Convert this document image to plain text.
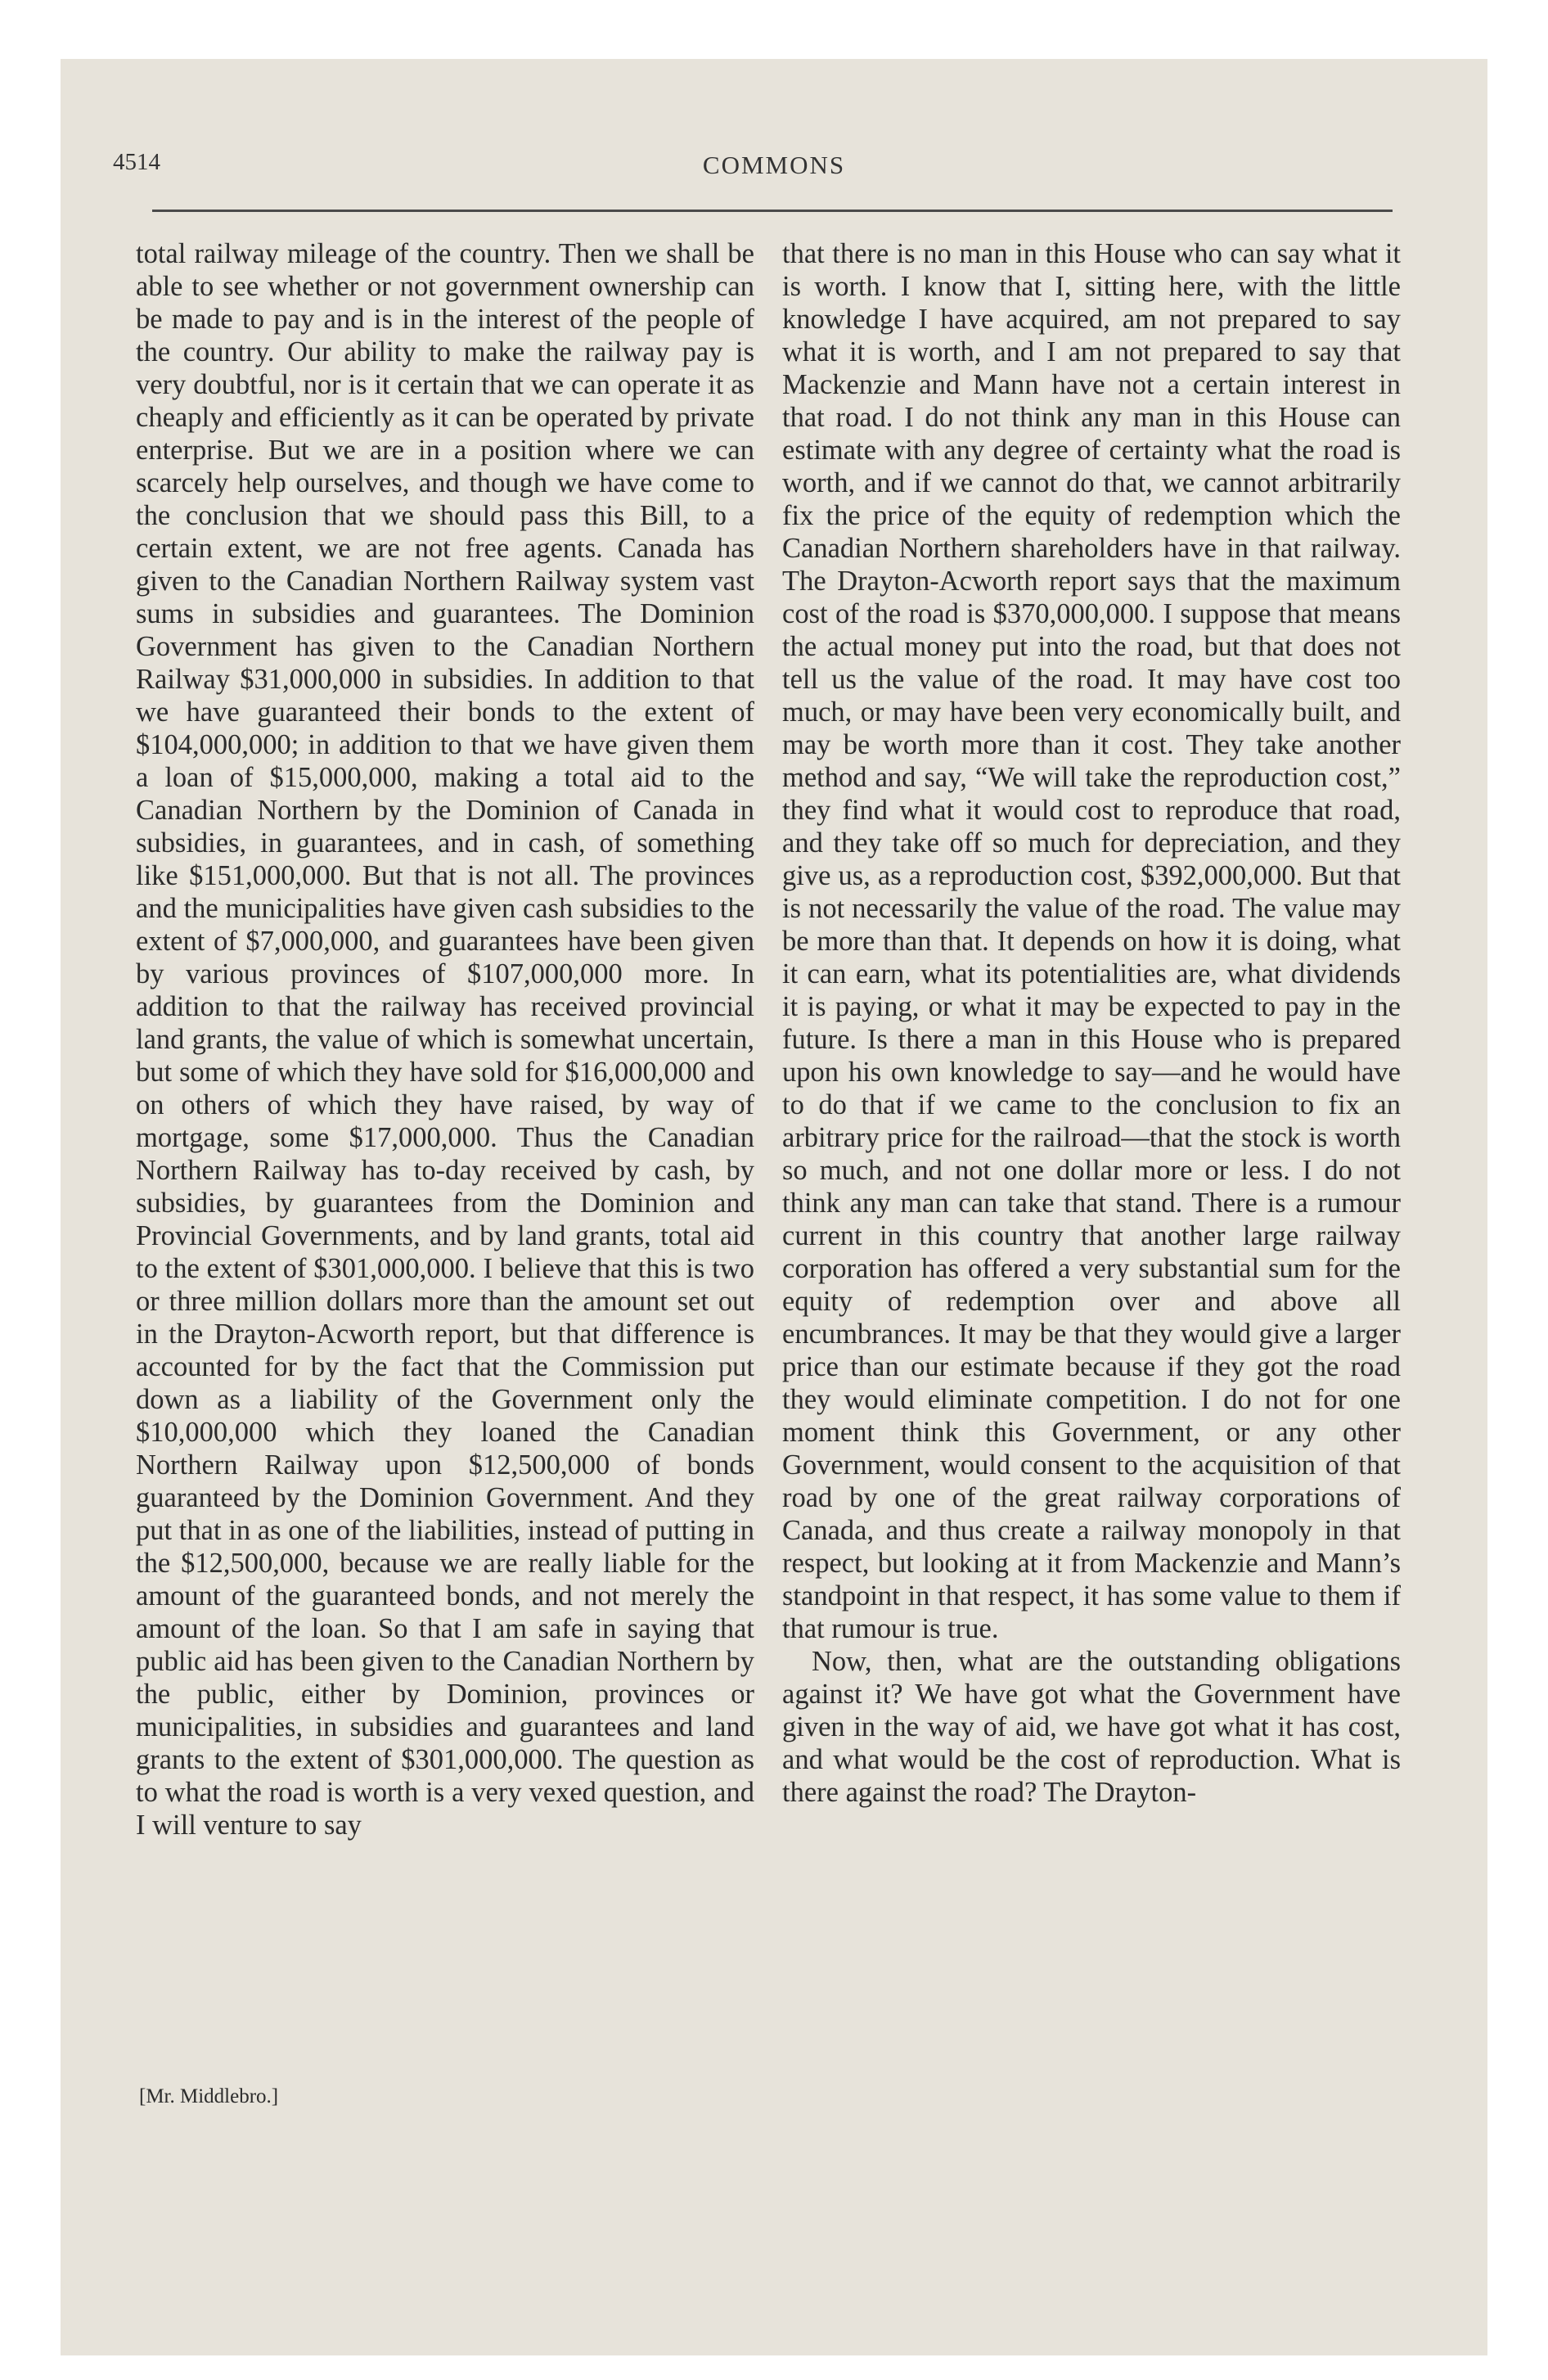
4514	COMMONS

total railway mileage of the country. Then we shall be able to see whether or not government ownership can be made to pay and is in the interest of the people of the country. Our ability to make the railway pay is very doubtful, nor is it certain that we can operate it as cheaply and efficiently as it can be operated by private enterprise. But we are in a position where we can scarcely help ourselves, and though we have come to the conclusion that we should pass this Bill, to a certain extent, we are not free agents. Canada has given to the Canadian Northern Railway system vast sums in subsidies and guarantees. The Dominion Government has given to the Canadian Northern Railway $31,000,000 in subsidies. In addition to that we have guaranteed their bonds to the extent of $104,000,000; in addition to that we have given them a loan of $15,000,000, making a total aid to the Canadian Northern by the Dominion of Canada in subsidies, in guarantees, and in cash, of something like $151,000,000. But that is not all. The provinces and the municipalities have given cash subsidies to the extent of $7,000,000, and guarantees have been given by various provinces of $107,000,000 more. In addition to that the railway has received provincial land grants, the value of which is somewhat uncertain, but some of which they have sold for $16,000,000 and on others of which they have raised, by way of mortgage, some $17,000,000. Thus the Canadian Northern Railway has to-day received by cash, by subsidies, by guarantees from the Dominion and Provincial Governments, and by land grants, total aid to the extent of $301,000,000. I believe that this is two or three million dollars more than the amount set out in the Drayton-Acworth report, but that difference is accounted for by the fact that the Commission put down as a liability of the Government only the $10,000,000 which they loaned the Canadian Northern Railway upon $12,500,000 of bonds guaranteed by the Dominion Government. And they put that in as one of the liabilities, instead of putting in the $12,500,000, because we are really liable for the amount of the guaranteed bonds, and not merely the amount of the loan. So that I am safe in saying that public aid has been given to the Canadian Northern by the public, either by Dominion, provinces or municipalities, in subsidies and guarantees and land grants to the extent of $301,000,000. The question as to what the road is worth is a very vexed question, and I will venture to say

[Mr. Middlebro.]

that there is no man in this House who can say what it is worth. I know that I, sitting here, with the little knowledge I have acquired, am not prepared to say what it is worth, and I am not prepared to say that Mackenzie and Mann have not a certain interest in that road. I do not think any man in this House can estimate with any degree of certainty what the road is worth, and if we cannot do that, we cannot arbitrarily fix the price of the equity of redemption which the Canadian Northern shareholders have in that railway. The Drayton-Acworth report says that the maximum cost of the road is $370,000,000. I suppose that means the actual money put into the road, but that does not tell us the value of the road. It may have cost too much, or may have been very economically built, and may be worth more than it cost. They take another method and say, “We will take the reproduction cost,” they find what it would cost to reproduce that road, and they take off so much for depreciation, and they give us, as a reproduction cost, $392,000,000. But that is not necessarily the value of the road. The value may be more than that. It depends on how it is doing, what it can earn, what its potentialities are, what dividends it is paying, or what it may be expected to pay in the future. Is there a man in this House who is prepared upon his own knowledge to say—and he would have to do that if we came to the conclusion to fix an arbitrary price for the railroad—that the stock is worth so much, and not one dollar more or less. I do not think any man can take that stand. There is a rumour current in this country that another large railway corporation has offered a very substantial sum for the equity of redemption over and above all encumbrances. It may be that they would give a larger price than our estimate because if they got the road they would eliminate competition. I do not for one moment think this Government, or any other Government, would consent to the acquisition of that road by one of the great railway corporations of Canada, and thus create a railway monopoly in that respect, but looking at it from Mackenzie and Mann’s standpoint in that respect, it has some value to them if that rumour is true.

Now, then, what are the outstanding obligations against it? We have got what the Government have given in the way of aid, we have got what it has cost, and what would be the cost of reproduction. What is there against the road? The Drayton-
